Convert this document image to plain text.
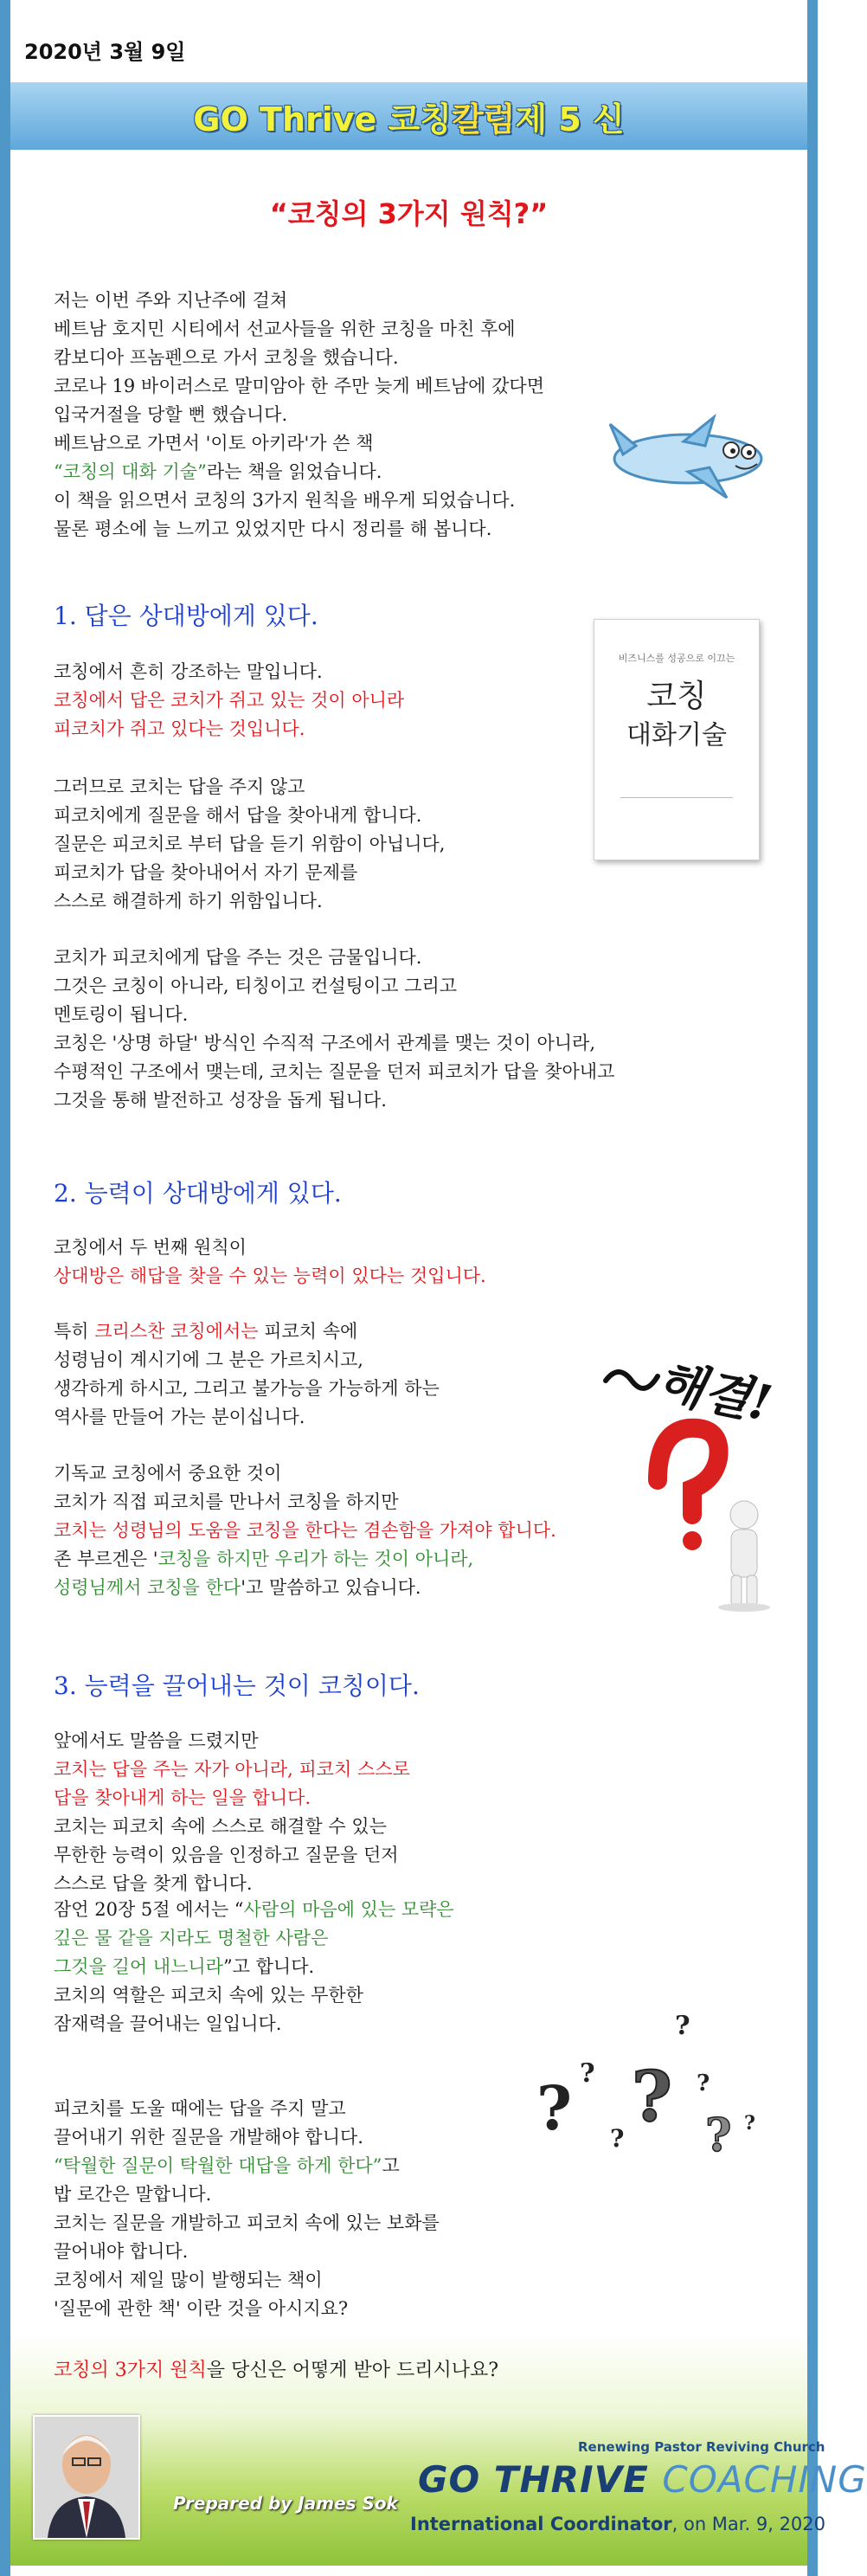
2020년 3월 9일
GO Thrive 코칭 칼럼 제 5 신
“코칭의 3가지 원칙?”
저는 이번 주와 지난주에 걸쳐
베트남 호지민 시티에서 선교사들을 위한 코칭을 마친 후에
캄보디아 프놈펜으로 가서 코칭을 했습니다.
코로나 19 바이러스로 말미암아 한 주만 늦게 베트남에 갔다면
입국거절을 당할 뻔 했습니다.
베트남으로 가면서 '이토 아키라'가 쓴 책
“코칭의 대화 기술”라는 책을 읽었습니다.
이 책을 읽으면서 코칭의 3가지 원칙을 배우게 되었습니다.
물론 평소에 늘 느끼고 있었지만 다시 정리를 해 봅니다.
1. 답은 상대방에게 있다.
코칭에서 흔히 강조하는 말입니다.
코칭에서 답은 코치가 쥐고 있는 것이 아니라
피코치가 쥐고 있다는 것입니다.
그러므로 코치는 답을 주지 않고
피코치에게 질문을 해서 답을 찾아내게 합니다.
질문은 피코치로 부터 답을 듣기 위함이 아닙니다,
피코치가 답을 찾아내어서 자기 문제를
스스로 해결하게 하기 위함입니다.
코치가 피코치에게 답을 주는 것은 금물입니다.
그것은 코칭이 아니라, 티칭이고 컨설팅이고 그리고
멘토링이 됩니다.
코칭은 '상명 하달' 방식인 수직적 구조에서 관계를 맺는 것이 아니라,
수평적인 구조에서 맺는데, 코치는 질문을 던저 피코치가 답을 찾아내고
그것을 통해 발전하고 성장을 돕게 됩니다.
비즈니스를 성공으로 이끄는
코칭
대화기술
2. 능력이 상대방에게 있다.
코칭에서 두 번째 원칙이
상대방은 해답을 찾을 수 있는 능력이 있다는 것입니다.
특히 크리스찬 코칭에서는 피코치 속에
성령님이 계시기에 그 분은 가르치시고,
생각하게 하시고, 그리고 불가능을 가능하게 하는
역사를 만들어 가는 분이십니다.
기독교 코칭에서 중요한 것이
코치가 직접 피코치를 만나서 코칭을 하지만
코치는 성령님의 도움을 코칭을 한다는 겸손함을 가져야 합니다.
존 부르겐은 '코칭을 하지만 우리가 하는 것이 아니라,
성령님께서 코칭을 한다'고 말씀하고 있습니다.
해결!
3. 능력을 끌어내는 것이 코칭이다.
앞에서도 말씀을 드렸지만
코치는 답을 주는 자가 아니라, 피코치 스스로
답을 찾아내게 하는 일을 합니다.
코치는 피코치 속에 스스로 해결할 수 있는
무한한 능력이 있음을 인정하고 질문을 던저
스스로 답을 찾게 합니다.
잠언 20장 5절 에서는 “사람의 마음에 있는 모략은
깊은 물 같을 지라도 명철한 사람은
그것을 길어 내느니라”고 합니다.
코치의 역할은 피코치 속에 있는 무한한
잠재력을 끌어내는 일입니다.
피코치를 도울 때에는 답을 주지 말고
끌어내기 위한 질문을 개발해야 합니다.
“탁월한 질문이 탁월한 대답을 하게 한다”고
밥 로간은 말합니다.
코치는 질문을 개발하고 피코치 속에 있는 보화를
끌어내야 합니다.
코칭에서 제일 많이 발행되는 책이
'질문에 관한 책' 이란 것을 아시지요?
? ?
?
?
?
?
? ?
코칭의 3가지 원칙을 당신은 어떻게 받아 드리시나요?
Prepared by James Sok
Renewing Pastor Reviving Church
GO THRIVE COACHING
International Coordinator, on Mar. 9, 2020
